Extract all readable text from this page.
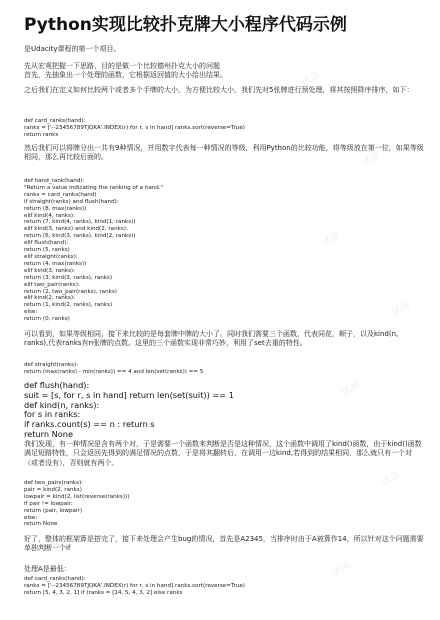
Python实现比较扑克牌大小程序代码示例
是Udacity课程的第一个项目。
先从宏观把握一下思路，目的是做一个比较德州扑克大小的问题
首先，先抽象出一个处理的函数，它根据返回值的大小给出结果。
之后我们在定义如何比较两个或者多个手牌的大小，为方便比较大小，我们先对5张牌进行预处理，将其按照降序排序，如下：
def card_ranks(hand):
ranks = ['--23456789TJQKA'.INDEX(r) for r, s in hand] ranks.sort(reverse=True)
return ranks
然后我们可以将牌分出一共有9种情况，并用数字代表每一种情况的等级，利用Python的比较功能，将等级放在第一位，如果等级相同，那么再比较后面的。
def hand_rank(hand):
"Return a value indicating the ranking of a hand."
ranks = card_ranks(hand)
if straight(ranks) and flush(hand):
return (8, max(ranks))
elif kind(4, ranks):
return (7, kind(4, ranks), kind(1, ranks))
elif kind(3, ranks) and kind(2, ranks):
return (6, kind(3, ranks), kind(2, ranks))
elif flush(hand):
return (5, ranks)
elif straight(ranks):
return (4, max(ranks))
elif kind(3, ranks):
return (3, kind(3, ranks), ranks)
elif two_pair(ranks):
return (2, two_pair(ranks), ranks)
elif kind(2, ranks):
return (1, kind(2, ranks), ranks)
else:
return (0, ranks)
可以看到，如果等级相同，接下来比较的是每套牌中牌的大小了。同时我们需要三个函数，代表同花，顺子，以及kind(n, ranks),代表ranks有n张牌的点数。这里的三个函数实现非常巧妙，利用了set去重的特性。
def straight(ranks):
return (max(ranks) - min(ranks)) == 4 and len(set(ranks)) == 5
def flush(hand):
suit = [s, for r, s in hand] return len(set(suit)) == 1
def kind(n, ranks):
for s in ranks:
if ranks.count(s) == n : return s
return None
我们发现，有一种情况是含有两个对，于是需要一个函数来判断是否是这种情况，这个函数中调用了kind()函数，由于kind()函数满足短路特性，只会返回先得到的满足情况的点数，于是将其翻转后，在调用一边kind,若得到的结果相同，那么就只有一个对（或者没有），否则就有两个。
def two_pairs(ranks):
pair = kind(2, ranks)
lowpair = kind(2, list(reverse(ranks)))
if pair != lowpair:
return (pair, lowpair)
else:
return None
好了，整体的框架算是搭完了，接下来处理会产生bug的情况，首先是A2345，当排序时由于A被算作14，所以针对这个问题需要单独判断一个if
处理A是最低：
def card_ranks(hand):
ranks = ['--23456789TJQKA'.INDEX(r) for r, s in hand] ranks.sort(reverse=True)
return [5, 4, 3, 2, 1] if (ranks = [14, 5, 4, 3, 2] else ranks
试读
试读
试读
试读
试读
试读
试读
